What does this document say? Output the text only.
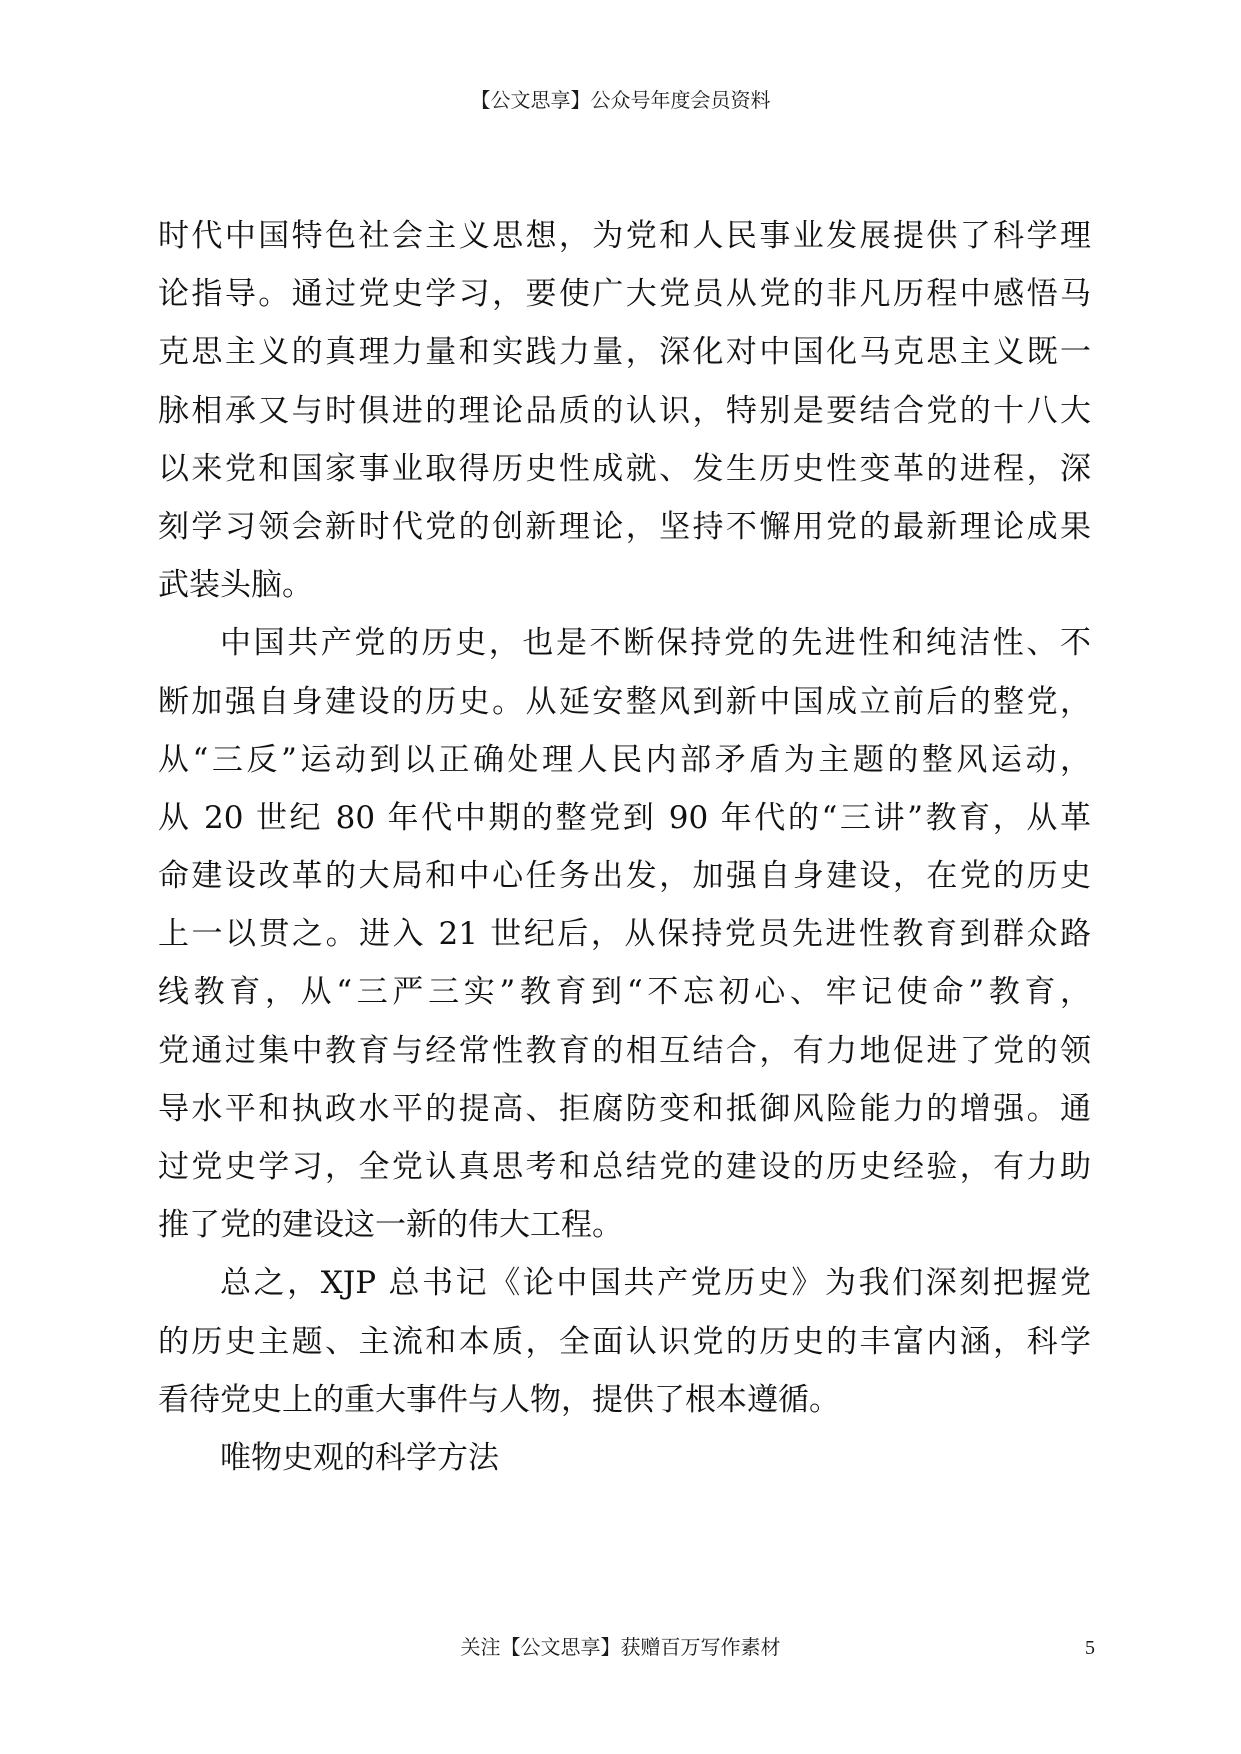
【公文思享】公众号年度会员资料
时代中国特色社会主义思想，为党和人民事业发展提供了科学理
论指导。通过党史学习，要使广大党员从党的非凡历程中感悟马
克思主义的真理力量和实践力量，深化对中国化马克思主义既一
脉相承又与时俱进的理论品质的认识，特别是要结合党的十八大
以来党和国家事业取得历史性成就、发生历史性变革的进程，深
刻学习领会新时代党的创新理论，坚持不懈用党的最新理论成果
武装头脑。
中国共产党的历史，也是不断保持党的先进性和纯洁性、不
断加强自身建设的历史。从延安整风到新中国成立前后的整党，
从“三反”运动到以正确处理人民内部矛盾为主题的整风运动，
从 20 世纪 80 年代中期的整党到 90 年代的“三讲”教育，从革
命建设改革的大局和中心任务出发，加强自身建设，在党的历史
上一以贯之。进入 21 世纪后，从保持党员先进性教育到群众路
线教育，从“三严三实”教育到“不忘初心、牢记使命”教育，
党通过集中教育与经常性教育的相互结合，有力地促进了党的领
导水平和执政水平的提高、拒腐防变和抵御风险能力的增强。通
过党史学习，全党认真思考和总结党的建设的历史经验，有力助
推了党的建设这一新的伟大工程。
总之，XJP 总书记《论中国共产党历史》为我们深刻把握党
的历史主题、主流和本质，全面认识党的历史的丰富内涵，科学
看待党史上的重大事件与人物，提供了根本遵循。
唯物史观的科学方法
关注【公文思享】获赠百万写作素材	5
